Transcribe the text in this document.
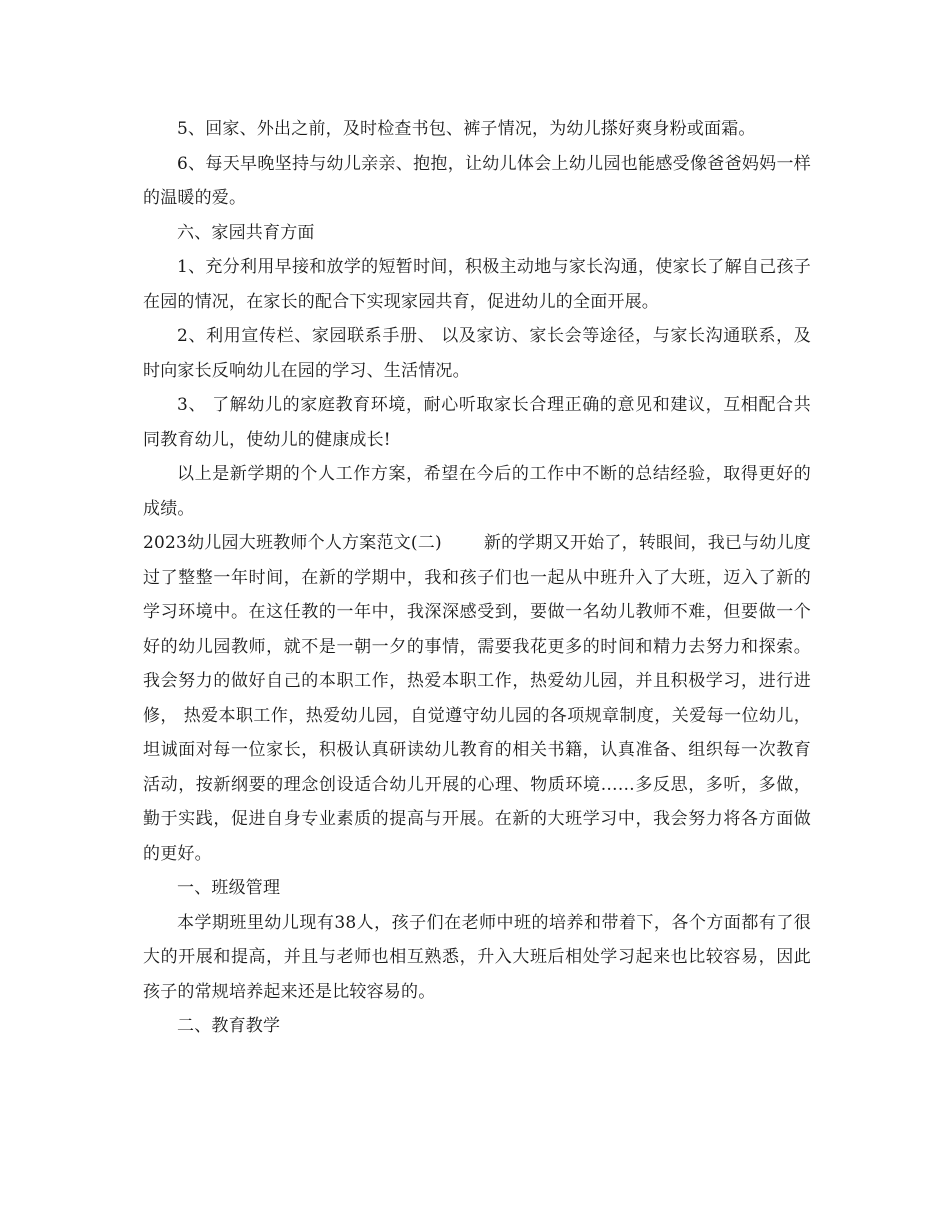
5、回家、外出之前，及时检查书包、裤子情况，为幼儿搽好爽身粉或面霜。

6、每天早晚坚持与幼儿亲亲、抱抱，让幼儿体会上幼儿园也能感受像爸爸妈妈一样的温暖的爱。

六、家园共育方面

1、充分利用早接和放学的短暂时间，积极主动地与家长沟通，使家长了解自己孩子在园的情况，在家长的配合下实现家园共育，促进幼儿的全面开展。

2、利用宣传栏、家园联系手册、 以及家访、家长会等途径，与家长沟通联系，及时向家长反响幼儿在园的学习、生活情况。

3、 了解幼儿的家庭教育环境，耐心听取家长合理正确的意见和建议，互相配合共同教育幼儿，使幼儿的健康成长!

以上是新学期的个人工作方案，希望在今后的工作中不断的总结经验，取得更好的成绩。

2023幼儿园大班教师个人方案范文(二) 新的学期又开始了，转眼间，我已与幼儿度过了整整一年时间，在新的学期中，我和孩子们也一起从中班升入了大班，迈入了新的学习环境中。在这任教的一年中，我深深感受到，要做一名幼儿教师不难，但要做一个好的幼儿园教师，就不是一朝一夕的事情，需要我花更多的时间和精力去努力和探索。我会努力的做好自己的本职工作，热爱本职工作，热爱幼儿园，并且积极学习，进行进修， 热爱本职工作，热爱幼儿园，自觉遵守幼儿园的各项规章制度，关爱每一位幼儿，坦诚面对每一位家长，积极认真研读幼儿教育的相关书籍，认真准备、组织每一次教育活动，按新纲要的理念创设适合幼儿开展的心理、物质环境……多反思，多听，多做，勤于实践，促进自身专业素质的提高与开展。在新的大班学习中，我会努力将各方面做的更好。

一、班级管理

本学期班里幼儿现有38人，孩子们在老师中班的培养和带着下，各个方面都有了很大的开展和提高，并且与老师也相互熟悉，升入大班后相处学习起来也比较容易，因此孩子的常规培养起来还是比较容易的。

二、教育教学
